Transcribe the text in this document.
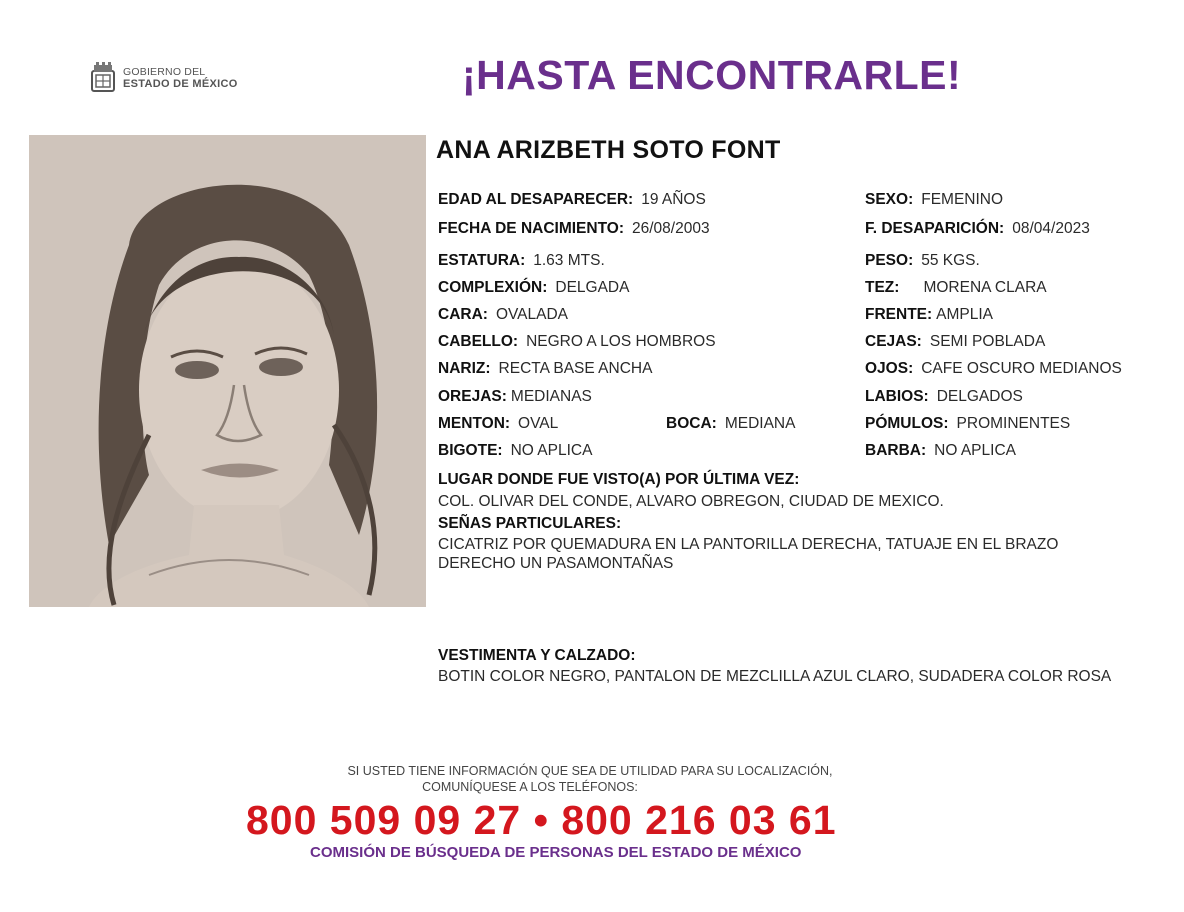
GOBIERNO DEL
ESTADO DE MÉXICO	¡HASTA ENCONTRARLE!
ANA ARIZBETH SOTO FONT
EDAD AL DESAPARECER: 19 AÑOS	SEXO: FEMENINO
FECHA DE NACIMIENTO: 26/08/2003	F. DESAPARICIÓN: 08/04/2023
ESTATURA: 1.63 MTS.	PESO: 55 KGS.
COMPLEXIÓN: DELGADA	TEZ: MORENA CLARA
CARA: OVALADA	FRENTE: AMPLIA
CABELLO: NEGRO A LOS HOMBROS	CEJAS: SEMI POBLADA
NARIZ: RECTA BASE ANCHA	OJOS: CAFE OSCURO MEDIANOS
OREJAS: MEDIANAS	LABIOS: DELGADOS
MENTON: OVAL	BOCA: MEDIANA	PÓMULOS: PROMINENTES
BIGOTE: NO APLICA	BARBA: NO APLICA
LUGAR DONDE FUE VISTO(A) POR ÚLTIMA VEZ:
COL. OLIVAR DEL CONDE, ALVARO OBREGON, CIUDAD DE MEXICO.
SEÑAS PARTICULARES:
CICATRIZ POR QUEMADURA EN LA PANTORILLA DERECHA, TATUAJE EN EL BRAZO DERECHO UN PASAMONTAÑAS
VESTIMENTA Y CALZADO:
BOTIN COLOR NEGRO, PANTALON DE MEZCLILLA AZUL CLARO, SUDADERA COLOR ROSA
SI USTED TIENE INFORMACIÓN QUE SEA DE UTILIDAD PARA SU LOCALIZACIÓN,
COMUNÍQUESE A LOS TELÉFONOS:
800 509 09 27 • 800 216 03 61
COMISIÓN DE BÚSQUEDA DE PERSONAS DEL ESTADO DE MÉXICO
